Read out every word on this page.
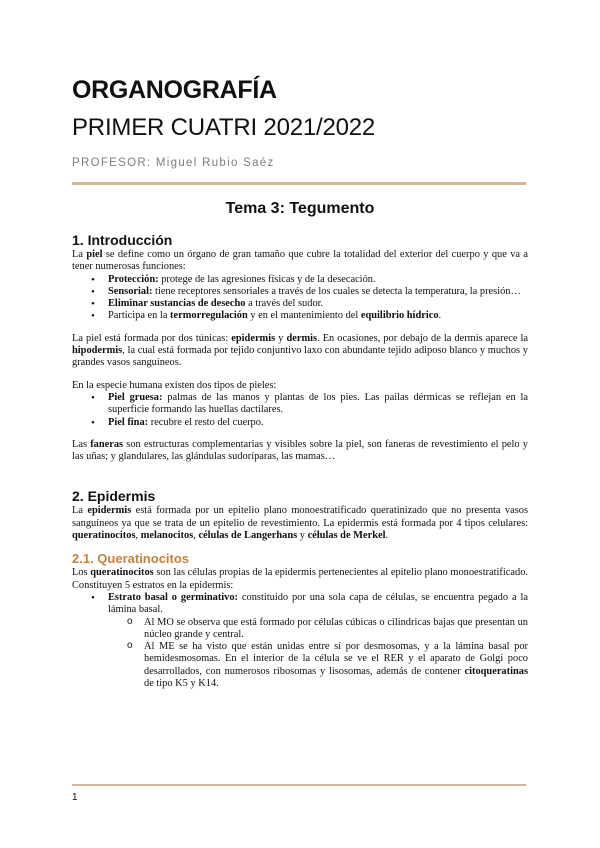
ORGANOGRAFÍA
PRIMER CUATRI 2021/2022
PROFESOR: Miguel Rubio Saéz
Tema 3: Tegumento
1. Introducción

La piel se define como un órgano de gran tamaño que cubre la totalidad del exterior del cuerpo y que va a tener numerosas funciones:

• Protección: protege de las agresiones físicas y de la desecación.
• Sensorial: tiene receptores sensoriales a través de los cuales se detecta la temperatura, la presión…
• Eliminar sustancias de desecho a través del sudor.
• Participa en la termorregulación y en el mantenimiento del equilibrio hídrico.

La piel está formada por dos túnicas: epidermis y dermis. En ocasiones, por debajo de la dermis aparece la hipodermis, la cual está formada por tejido conjuntivo laxo con abundante tejido adiposo blanco y muchos y grandes vasos sanguíneos.

En la especie humana existen dos tipos de pieles:

• Piel gruesa: palmas de las manos y plantas de los pies. Las pailas dérmicas se reflejan en la superficie formando las huellas dactilares.
• Piel fina: recubre el resto del cuerpo.

Las faneras son estructuras complementarias y visibles sobre la piel, son faneras de revestimiento el pelo y las uñas; y glandulares, las glándulas sudoríparas, las mamas…

2. Epidermis

La epidermis está formada por un epitelio plano monoestratificado queratinizado que no presenta vasos sanguíneos ya que se trata de un epitelio de revestimiento. La epidermis está formada por 4 tipos celulares: queratinocitos, melanocitos, células de Langerhans y células de Merkel.

2.1. Queratinocitos

Los queratinocitos son las células propias de la epidermis pertenecientes al epitelio plano monoestratificado. Constituyen 5 estratos en la epidermis:

• Estrato basal o germinativo: constituido por una sola capa de células, se encuentra pegado a la lámina basal.
o Al MO se observa que está formado por células cúbicas o cilíndricas bajas que presentan un núcleo grande y central.
o Al ME se ha visto que están unidas entre sí por desmosomas, y a la lámina basal por hemidesmosomas. En el interior de la célula se ve el RER y el aparato de Golgi poco desarrollados, con numerosos ribosomas y lisosomas, además de contener citoqueratinas de tipo K5 y K14.
1
